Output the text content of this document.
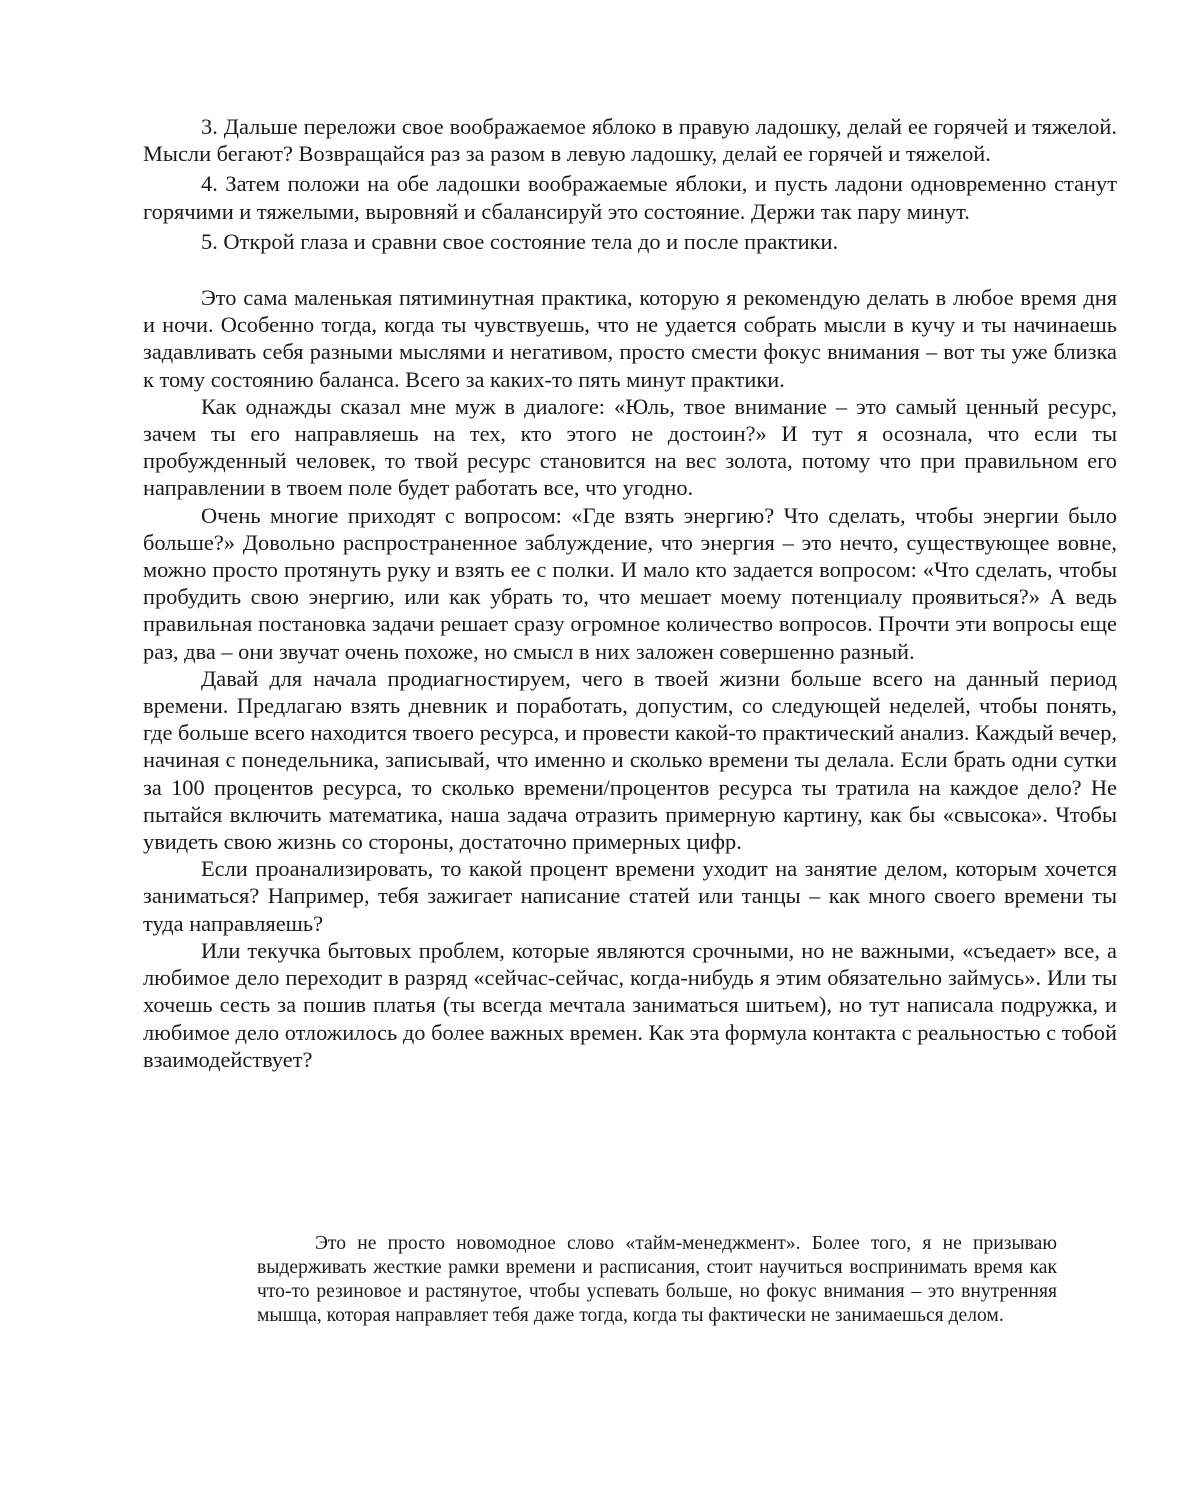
3. Дальше переложи свое воображаемое яблоко в правую ладошку, делай ее горячей и тяжелой. Мысли бегают? Возвращайся раз за разом в левую ладошку, делай ее горячей и тяжелой.

4. Затем положи на обе ладошки воображаемые яблоки, и пусть ладони одновременно станут горячими и тяжелыми, выровняй и сбалансируй это состояние. Держи так пару минут.

5. Открой глаза и сравни свое состояние тела до и после практики.

Это сама маленькая пятиминутная практика, которую я рекомендую делать в любое время дня и ночи. Особенно тогда, когда ты чувствуешь, что не удается собрать мысли в кучу и ты начинаешь задавливать себя разными мыслями и негативом, просто смести фокус внимания – вот ты уже близка к тому состоянию баланса. Всего за каких-то пять минут практики.

Как однажды сказал мне муж в диалоге: «Юль, твое внимание – это самый ценный ресурс, зачем ты его направляешь на тех, кто этого не достоин?» И тут я осознала, что если ты пробужденный человек, то твой ресурс становится на вес золота, потому что при правильном его направлении в твоем поле будет работать все, что угодно.

Очень многие приходят с вопросом: «Где взять энергию? Что сделать, чтобы энергии было больше?» Довольно распространенное заблуждение, что энергия – это нечто, существующее вовне, можно просто протянуть руку и взять ее с полки. И мало кто задается вопросом: «Что сделать, чтобы пробудить свою энергию, или как убрать то, что мешает моему потенциалу проявиться?» А ведь правильная постановка задачи решает сразу огромное количество вопросов. Прочти эти вопросы еще раз, два – они звучат очень похоже, но смысл в них заложен совершенно разный.

Давай для начала продиагностируем, чего в твоей жизни больше всего на данный период времени. Предлагаю взять дневник и поработать, допустим, со следующей неделей, чтобы понять, где больше всего находится твоего ресурса, и провести какой-то практический анализ. Каждый вечер, начиная с понедельника, записывай, что именно и сколько времени ты делала. Если брать одни сутки за 100 процентов ресурса, то сколько времени/процентов ресурса ты тратила на каждое дело? Не пытайся включить математика, наша задача отразить примерную картину, как бы «свысока». Чтобы увидеть свою жизнь со стороны, достаточно примерных цифр.

Если проанализировать, то какой процент времени уходит на занятие делом, которым хочется заниматься? Например, тебя зажигает написание статей или танцы – как много своего времени ты туда направляешь?

Или текучка бытовых проблем, которые являются срочными, но не важными, «съедает» все, а любимое дело переходит в разряд «сейчас-сейчас, когда-нибудь я этим обязательно займусь». Или ты хочешь сесть за пошив платья (ты всегда мечтала заниматься шитьем), но тут написала подружка, и любимое дело отложилось до более важных времен. Как эта формула контакта с реальностью с тобой взаимодействует?

Это не просто новомодное слово «тайм-менеджмент». Более того, я не призываю выдерживать жесткие рамки времени и расписания, стоит научиться воспринимать время как что-то резиновое и растянутое, чтобы успевать больше, но фокус внимания – это внутренняя мышца, которая направляет тебя даже тогда, когда ты фактически не занимаешься делом.
